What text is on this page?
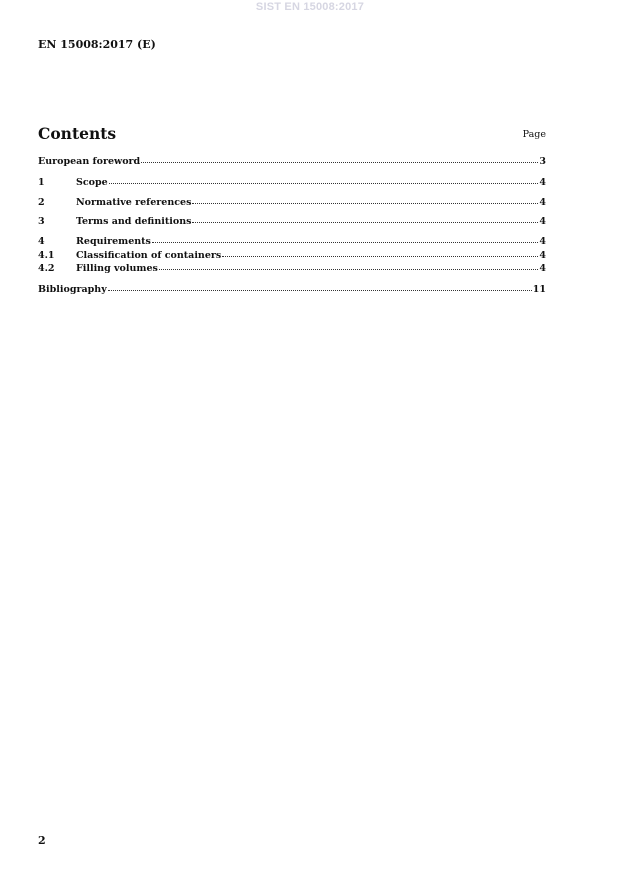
SIST EN 15008:2017
EN 15008:2017 (E)
Contents	Page
European foreword	3
1	Scope	4
2	Normative references	4
3	Terms and definitions	4
4	Requirements	4
4.1	Classification of containers	4
4.2	Filling volumes	4
Bibliography	11
2
